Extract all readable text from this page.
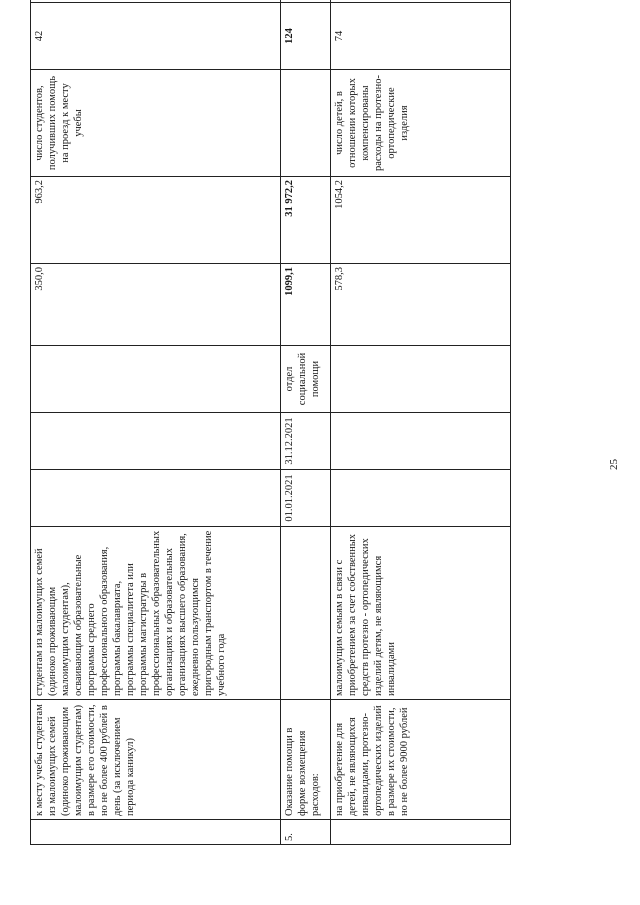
	к месту учебы студентам из малоимущих семей (одиноко проживающим малоимущим студентам) в размере его стоимости, но не более 400 рублей в день (за исключением периода каникул)	студентам из малоимущих семей (одиноко проживающим малоимущим студентам), осваивающим образовательные программы среднего профессионального образования, программы бакалавриата, программы специалитета или программы магистратуры в профессиональных образовательных организациях и образовательных организациях высшего образования, ежедневно пользующимся пригородным транспортом в течение учебного года				350,0	963,2	число студентов, получивших помощь на проезд к месту учебы	42	
5.	Оказание помощи в форме возмещения расходов:		01.01.2021	31.12.2021	отдел социальной помощи	1099,1	31 972,2		124	
	на приобретение для детей, не являющихся инвалидами, протезно-ортопедических изделий в размере их стоимости, но не более 9000 рублей	малоимущим семьям в связи с приобретением за счет собственных средств протезно - ортопедических изделий детям, не являющимся инвалидами				578,3	1054,2	число детей, в отношении которых компенсированы расходы на протезно-ортопедические изделия	74	
25
